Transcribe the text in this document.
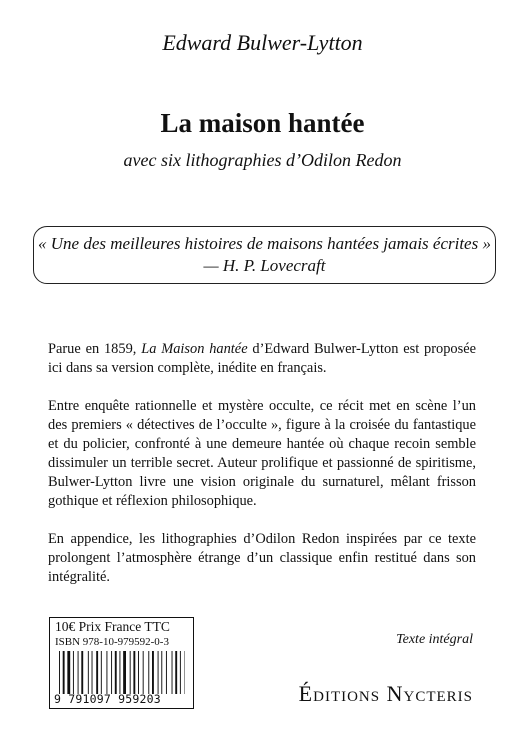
Edward Bulwer-Lytton
La maison hantée
avec six lithographies d’Odilon Redon
« Une des meilleures histoires de maisons hantées jamais écrites »
— H. P. Lovecraft

Parue en 1859, La Maison hantée d’Edward Bulwer-Lytton est proposée ici dans sa version complète, inédite en français.

Entre enquête rationnelle et mystère occulte, ce récit met en scène l’un des premiers « détectives de l’occulte », figure à la croisée du fantastique et du policier, confronté à une demeure hantée où chaque recoin semble dissimuler un terrible secret. Auteur prolifique et passionné de spiritisme, Bulwer-Lytton livre une vision originale du surnaturel, mêlant frisson gothique et réflexion philosophique.

En appendice, les lithographies d’Odilon Redon inspirées par ce texte prolongent l’atmosphère étrange d’un classique enfin restitué dans son intégralité.

10€ Prix France TTC
ISBN 978-10-979592-0-3
9 791097 959203
Texte intégral
Éditions Nycteris
